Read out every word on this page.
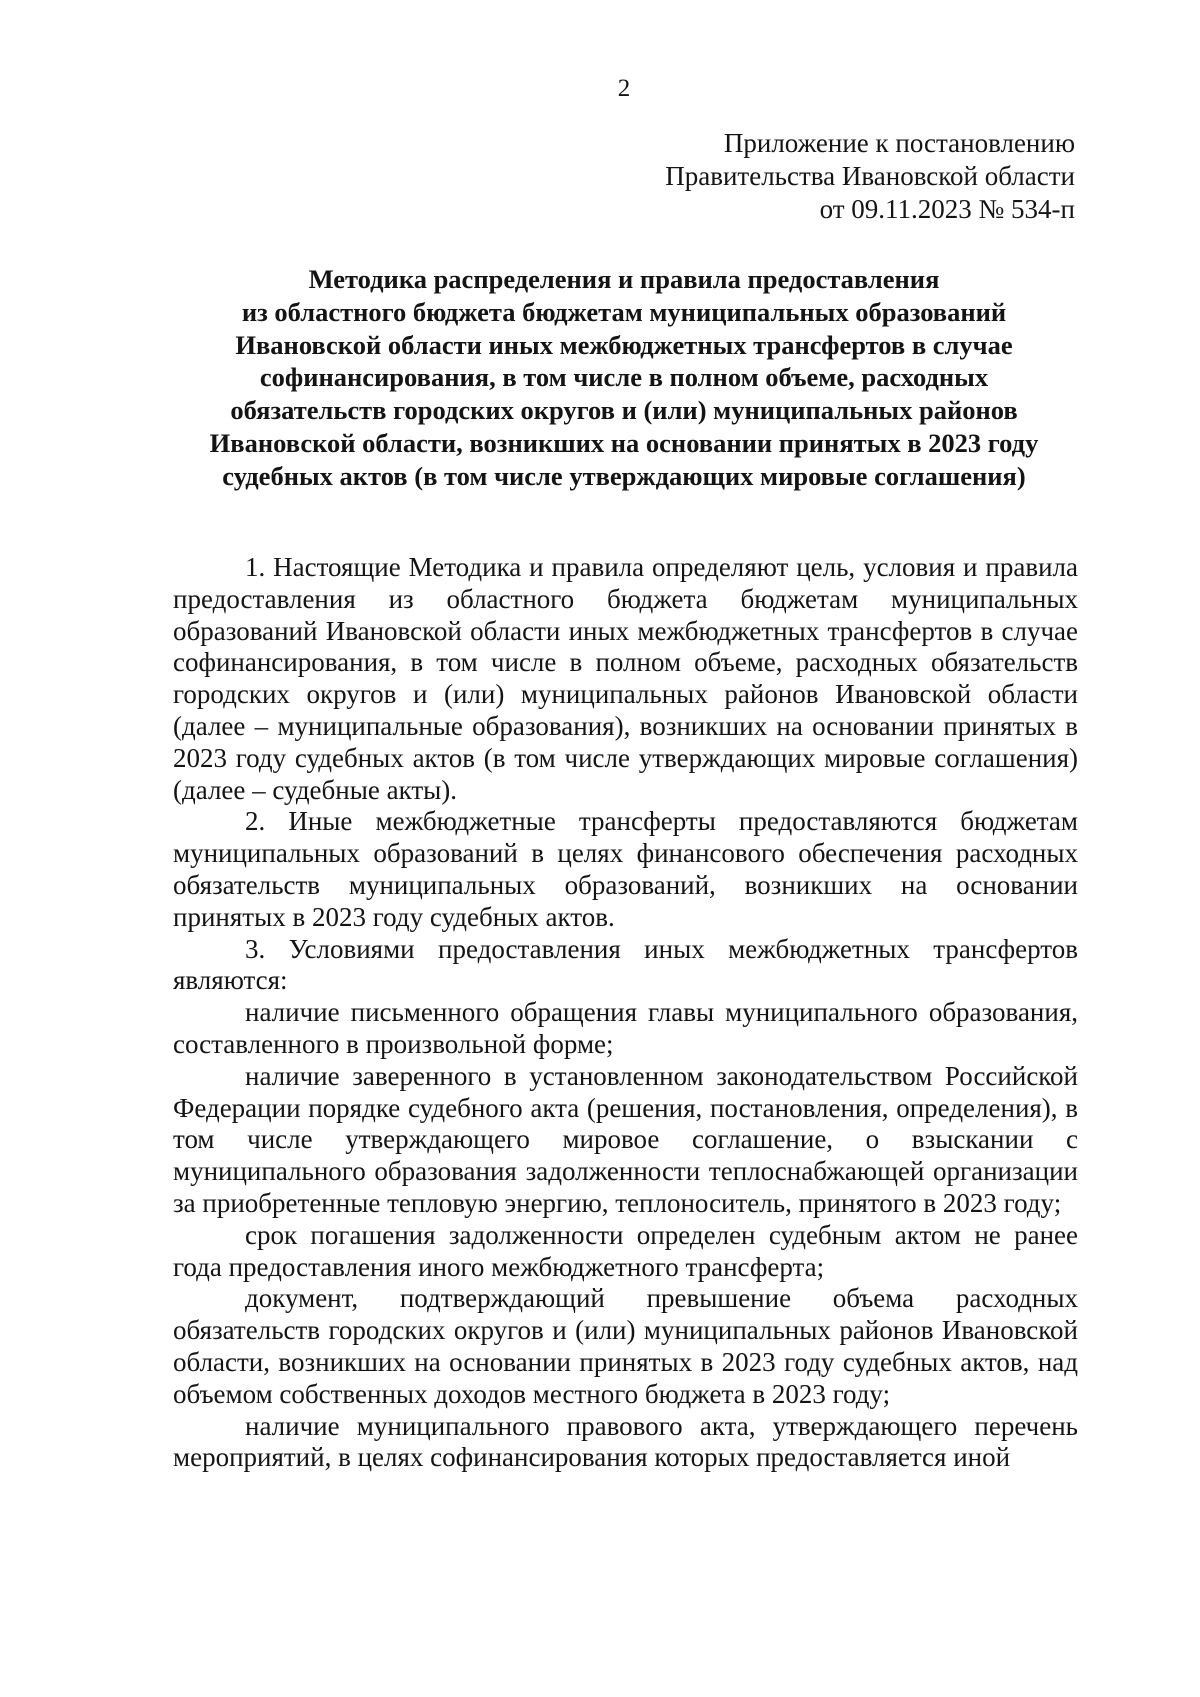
2
Приложение к постановлению
Правительства Ивановской области
от 09.11.2023 № 534-п
Методика распределения и правила предоставления
из областного бюджета бюджетам муниципальных образований
Ивановской области иных межбюджетных трансфертов в случае
софинансирования, в том числе в полном объеме, расходных
обязательств городских округов и (или) муниципальных районов
Ивановской области, возникших на основании принятых в 2023 году
судебных актов (в том числе утверждающих мировые соглашения)

1. Настоящие Методика и правила определяют цель, условия и правила предоставления из областного бюджета бюджетам муниципальных образований Ивановской области иных межбюджетных трансфертов в случае софинансирования, в том числе в полном объеме, расходных обязательств городских округов и (или) муниципальных районов Ивановской области (далее – муниципальные образования), возникших на основании принятых в 2023 году судебных актов (в том числе утверждающих мировые соглашения) (далее – судебные акты).

2. Иные межбюджетные трансферты предоставляются бюджетам муниципальных образований в целях финансового обеспечения расходных обязательств муниципальных образований, возникших на основании принятых в 2023 году судебных актов.

3. Условиями предоставления иных межбюджетных трансфертов являются:

наличие письменного обращения главы муниципального образования, составленного в произвольной форме;

наличие заверенного в установленном законодательством Российской Федерации порядке судебного акта (решения, постановления, определения), в том числе утверждающего мировое соглашение, о взыскании с муниципального образования задолженности теплоснабжающей организации за приобретенные тепловую энергию, теплоноситель, принятого в 2023 году;

срок погашения задолженности определен судебным актом не ранее года предоставления иного межбюджетного трансферта;

документ, подтверждающий превышение объема расходных обязательств городских округов и (или) муниципальных районов Ивановской области, возникших на основании принятых в 2023 году судебных актов, над объемом собственных доходов местного бюджета в 2023 году;

наличие муниципального правового акта, утверждающего перечень мероприятий, в целях софинансирования которых предоставляется иной
